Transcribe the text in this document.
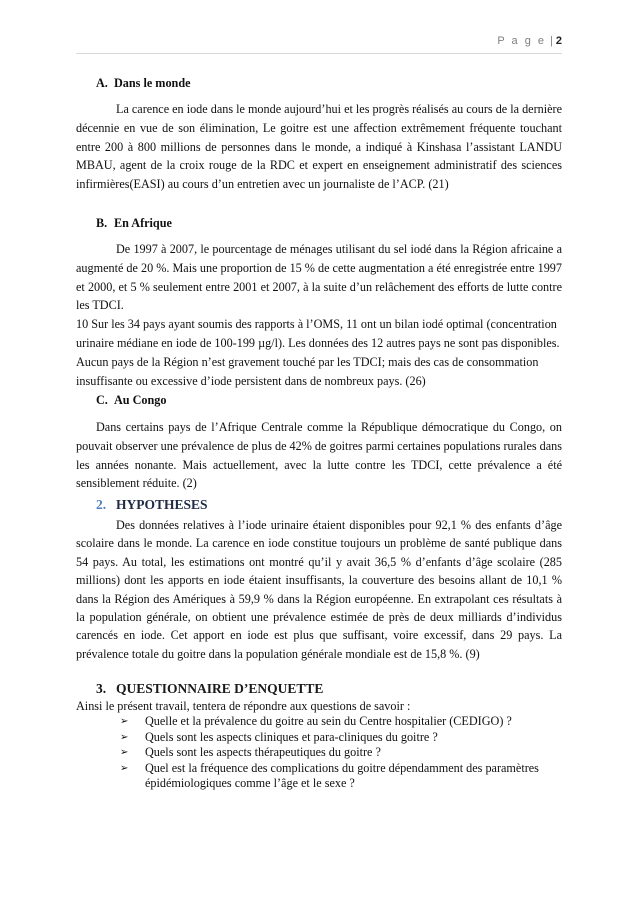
P a g e | 2
A. Dans le monde

La carence en iode dans le monde aujourd’hui et les progrès réalisés au cours de la dernière décennie en vue de son élimination, Le goitre est une affection extrêmement fréquente touchant entre 200 à 800 millions de personnes dans le monde, a indiqué à Kinshasa l’assistant LANDU MBAU, agent de la croix rouge de la RDC et expert en enseignement administratif des sciences infirmières(EASI) au cours d’un entretien avec un journaliste de l’ACP. (21)

B. En Afrique

De 1997 à 2007, le pourcentage de ménages utilisant du sel iodé dans la Région africaine a augmenté de 20 %. Mais une proportion de 15 % de cette augmentation a été enregistrée entre 1997 et 2000, et 5 % seulement entre 2001 et 2007, à la suite d’un relâchement des efforts de lutte contre les TDCI.

10 Sur les 34 pays ayant soumis des rapports à l’OMS, 11 ont un bilan iodé optimal (concentration urinaire médiane en iode de 100-199 µg/l). Les données des 12 autres pays ne sont pas disponibles. Aucun pays de la Région n’est gravement touché par les TDCI; mais des cas de consommation insuffisante ou excessive d’iode persistent dans de nombreux pays. (26)

C. Au Congo

Dans certains pays de l’Afrique Centrale comme la République démocratique du Congo, on pouvait observer une prévalence de plus de 42% de goitres parmi certaines populations rurales dans les années nonante. Mais actuellement, avec la lutte contre les TDCI, cette prévalence a été sensiblement réduite. (2)

2. HYPOTHESES

Des données relatives à l’iode urinaire étaient disponibles pour 92,1 % des enfants d’âge scolaire dans le monde. La carence en iode constitue toujours un problème de santé publique dans 54 pays. Au total, les estimations ont montré qu’il y avait 36,5 % d’enfants d’âge scolaire (285 millions) dont les apports en iode étaient insuffisants, la couverture des besoins allant de 10,1 % dans la Région des Amériques à 59,9 % dans la Région européenne. En extrapolant ces résultats à la population générale, on obtient une prévalence estimée de près de deux milliards d’individus carencés en iode. Cet apport en iode est plus que suffisant, voire excessif, dans 29 pays. La prévalence totale du goitre dans la population générale mondiale est de 15,8 %. (9)

3. QUESTIONNAIRE D’ENQUETTE

Ainsi le présent travail, tentera de répondre aux questions de savoir :

➢	Quelle et la prévalence du goitre au sein du Centre hospitalier (CEDIGO) ?
➢	Quels sont les aspects cliniques et para-cliniques du goitre ?
➢	Quels sont les aspects thérapeutiques du goitre ?
➢	Quel est la fréquence des complications du goitre dépendamment des paramètres épidémiologiques comme l’âge et le sexe ?
